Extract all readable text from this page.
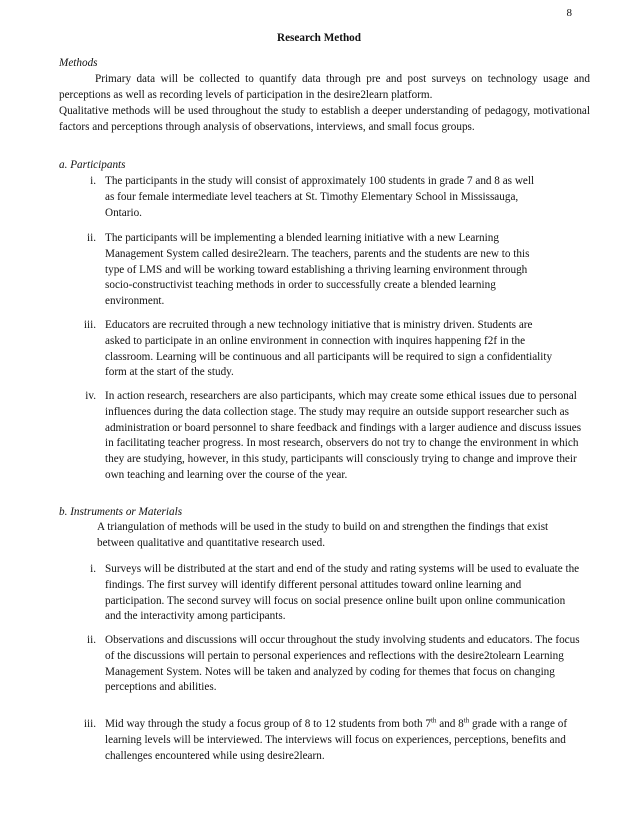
8
Research Method
Methods
Primary data will be collected to quantify data through pre and post surveys on technology usage and perceptions as well as recording levels of participation in the desire2learn platform.
Qualitative methods will be used throughout the study to establish a deeper understanding of pedagogy, motivational factors and perceptions through analysis of observations, interviews, and small focus groups.
a. Participants
i. The participants in the study will consist of approximately 100 students in grade 7 and 8 as well as four female intermediate level teachers at St. Timothy Elementary School in Mississauga, Ontario.
ii. The participants will be implementing a blended learning initiative with a new Learning Management System called desire2learn. The teachers, parents and the students are new to this type of LMS and will be working toward establishing a thriving learning environment through socio-constructivist teaching methods in order to successfully create a blended learning environment.
iii. Educators are recruited through a new technology initiative that is ministry driven. Students are asked to participate in an online environment in connection with inquires happening f2f in the classroom. Learning will be continuous and all participants will be required to sign a confidentiality form at the start of the study.
iv. In action research, researchers are also participants, which may create some ethical issues due to personal influences during the data collection stage. The study may require an outside support researcher such as administration or board personnel to share feedback and findings with a larger audience and discuss issues in facilitating teacher progress. In most research, observers do not try to change the environment in which they are studying, however, in this study, participants will consciously trying to change and improve their own teaching and learning over the course of the year.
b. Instruments or Materials
A triangulation of methods will be used in the study to build on and strengthen the findings that exist between qualitative and quantitative research used.
i. Surveys will be distributed at the start and end of the study and rating systems will be used to evaluate the findings. The first survey will identify different personal attitudes toward online learning and participation. The second survey will focus on social presence online built upon online communication and the interactivity among participants.
ii. Observations and discussions will occur throughout the study involving students and educators. The focus of the discussions will pertain to personal experiences and reflections with the desire2tolearn Learning Management System. Notes will be taken and analyzed by coding for themes that focus on changing perceptions and abilities.
iii. Mid way through the study a focus group of 8 to 12 students from both 7th and 8th grade with a range of learning levels will be interviewed. The interviews will focus on experiences, perceptions, benefits and challenges encountered while using desire2learn.
